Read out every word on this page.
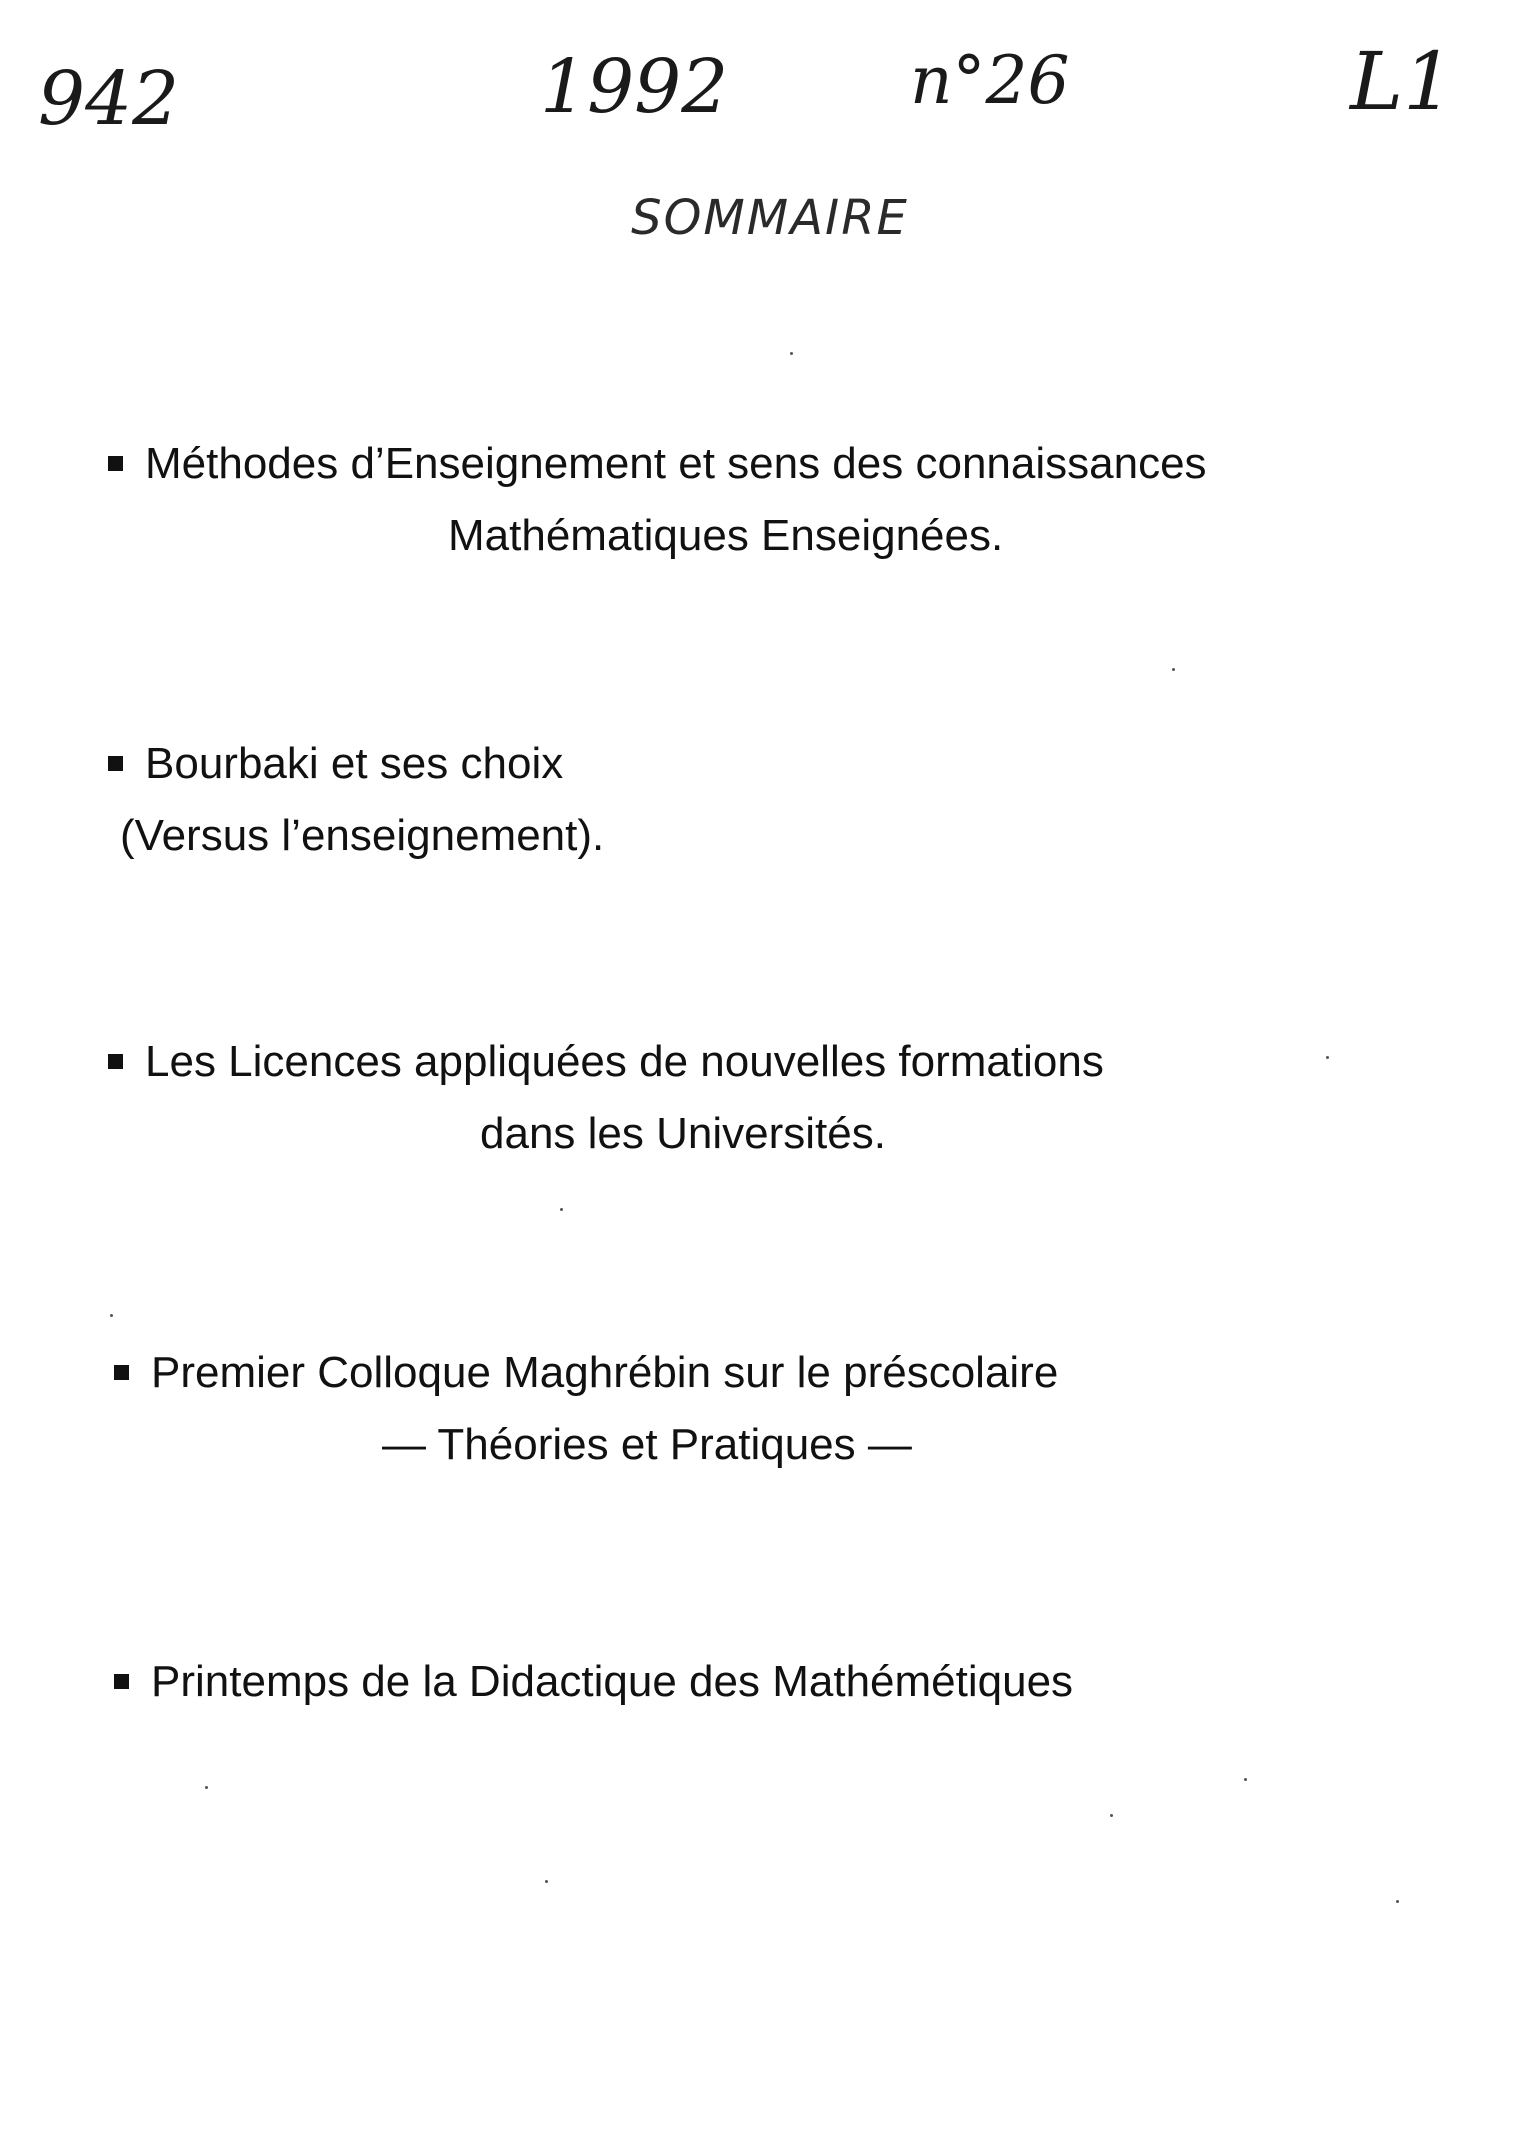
942	1992	n°26	L1
SOMMAIRE
Méthodes d’Enseignement et sens des connaissances
Mathématiques Enseignées.
Bourbaki et ses choix
(Versus l’enseignement).
Les Licences appliquées de nouvelles formations
dans les Universités.
Premier Colloque Maghrébin sur le préscolaire
— Théories et Pratiques —
Printemps de la Didactique des Mathémétiques
